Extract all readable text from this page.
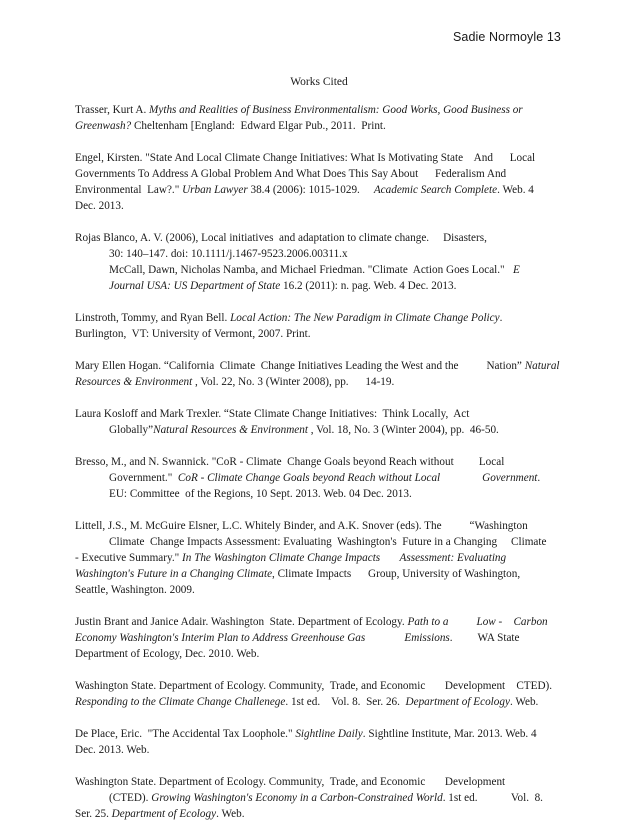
Sadie Normoyle 13
Works Cited
Trasser, Kurt A. Myths and Realities of Business Environmentalism: Good Works, Good Business or
Greenwash? Cheltenham [England:  Edward Elgar Pub., 2011.  Print.
Engel, Kirsten. "State And Local Climate Change Initiatives: What Is Motivating State    And      Local
Governments To Address A Global Problem And What Does This Say About      Federalism And
Environmental  Law?." Urban Lawyer 38.4 (2006): 1015-1029.     Academic Search Complete. Web. 4
Dec. 2013.
Rojas Blanco, A. V. (2006), Local initiatives  and adaptation to climate change.     Disasters,
30: 140–147. doi: 10.1111/j.1467-9523.2006.00311.x
McCall, Dawn, Nicholas Namba, and Michael Friedman. "Climate  Action Goes Local."   E
Journal USA: US Department of State 16.2 (2011): n. pag. Web. 4 Dec. 2013.
Linstroth, Tommy, and Ryan Bell. Local Action: The New Paradigm in Climate Change Policy.
Burlington,  VT: University of Vermont, 2007. Print.
Mary Ellen Hogan. “California  Climate  Change Initiatives Leading the West and the          Nation” Natural
Resources & Environment , Vol. 22, No. 3 (Winter 2008), pp.      14-19.
Laura Kosloff and Mark Trexler. “State Climate Change Initiatives:  Think Locally,  Act
Globally”Natural Resources & Environment , Vol. 18, No. 3 (Winter 2004), pp.  46-50.
Bresso, M., and N. Swannick. "CoR - Climate  Change Goals beyond Reach without         Local
Government."  CoR - Climate Change Goals beyond Reach without Local	Government.
EU: Committee  of the Regions, 10 Sept. 2013. Web. 04 Dec. 2013.
Littell, J.S., M. McGuire Elsner, L.C. Whitely Binder, and A.K. Snover (eds). The          “Washington
Climate  Change Impacts Assessment: Evaluating  Washington's  Future in a Changing     Climate
- Executive Summary." In The Washington Climate Change Impacts       Assessment: Evaluating
Washington's Future in a Changing Climate, Climate Impacts      Group, University of Washington,
Seattle, Washington. 2009.
Justin Brant and Janice Adair. Washington  State. Department of Ecology. Path to a          Low -    Carbon
Economy Washington's Interim Plan to Address Greenhouse Gas              Emissions.         WA State
Department of Ecology, Dec. 2010. Web.
Washington State. Department of Ecology. Community,  Trade, and Economic       Development    CTED).
Responding to the Climate Change Challenege. 1st ed.    Vol. 8.  Ser. 26.  Department of Ecology. Web.
De Place, Eric.  "The Accidental Tax Loophole." Sightline Daily. Sightline Institute, Mar. 2013. Web. 4
Dec. 2013. Web.
Washington State. Department of Ecology. Community,  Trade, and Economic       Development
(CTED). Growing Washington's Economy in a Carbon-Constrained World. 1st ed.            Vol.  8.
Ser. 25. Department of Ecology. Web.
